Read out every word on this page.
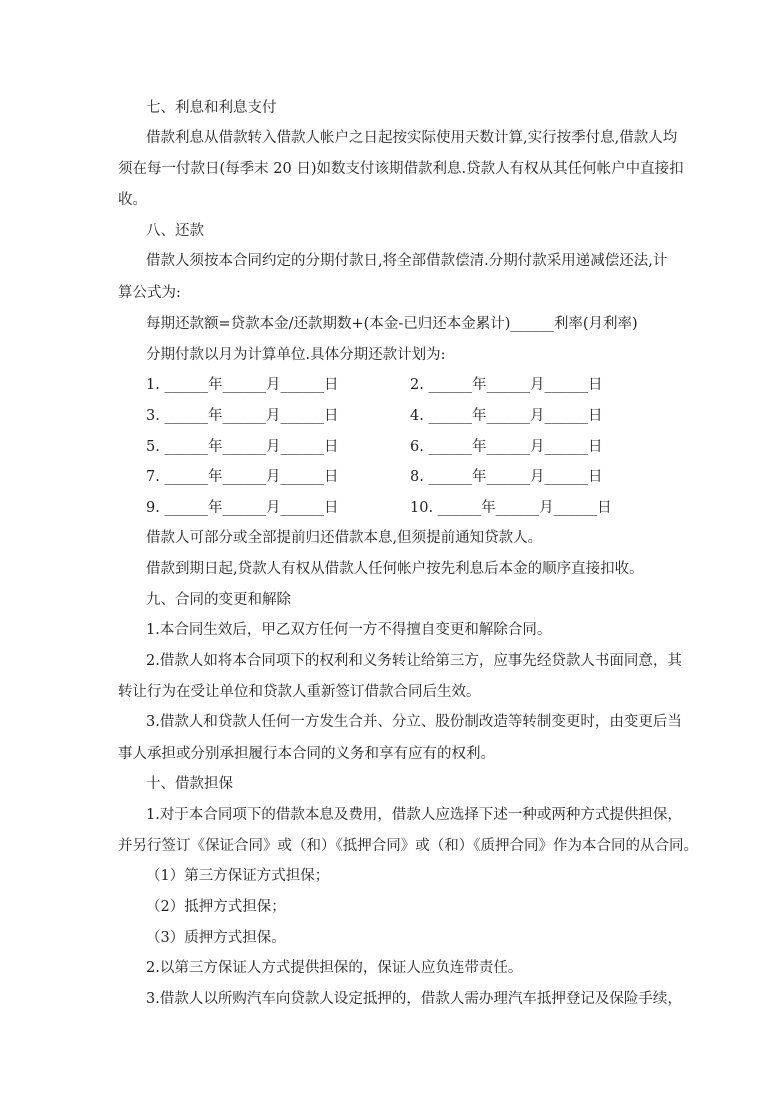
七、利息和利息支付
借款利息从借款转入借款人帐户之日起按实际使用天数计算,实行按季付息,借款人均
须在每一付款日(每季末 20 日)如数支付该期借款利息.贷款人有权从其任何帐户中直接扣
收。
八、还款
借款人须按本合同约定的分期付款日,将全部借款偿清.分期付款采用递减偿还法,计
算公式为:
每期还款额=贷款本金/还款期数+(本金-已归还本金累计)______利率(月利率)
分期付款以月为计算单位.具体分期还款计划为:
1. ______年______月______日	2. ______年______月______日
3. ______年______月______日	4. ______年______月______日
5. ______年______月______日	6. ______年______月______日
7. ______年______月______日	8. ______年______月______日
9. ______年______月______日	10. ______年______月______日
借款人可部分或全部提前归还借款本息,但须提前通知贷款人。
借款到期日起,贷款人有权从借款人任何帐户按先利息后本金的顺序直接扣收。
九、合同的变更和解除
1.本合同生效后，甲乙双方任何一方不得擅自变更和解除合同。
2.借款人如将本合同项下的权利和义务转让给第三方，应事先经贷款人书面同意，其
转让行为在受让单位和贷款人重新签订借款合同后生效。
3.借款人和贷款人任何一方发生合并、分立、股份制改造等转制变更时，由变更后当
事人承担或分别承担履行本合同的义务和享有应有的权利。
十、借款担保
1.对于本合同项下的借款本息及费用，借款人应选择下述一种或两种方式提供担保，
并另行签订《保证合同》或（和）《抵押合同》或（和）《质押合同》作为本合同的从合同。
（1）第三方保证方式担保；
（2）抵押方式担保；
（3）质押方式担保。
2.以第三方保证人方式提供担保的，保证人应负连带责任。
3.借款人以所购汽车向贷款人设定抵押的，借款人需办理汽车抵押登记及保险手续，
